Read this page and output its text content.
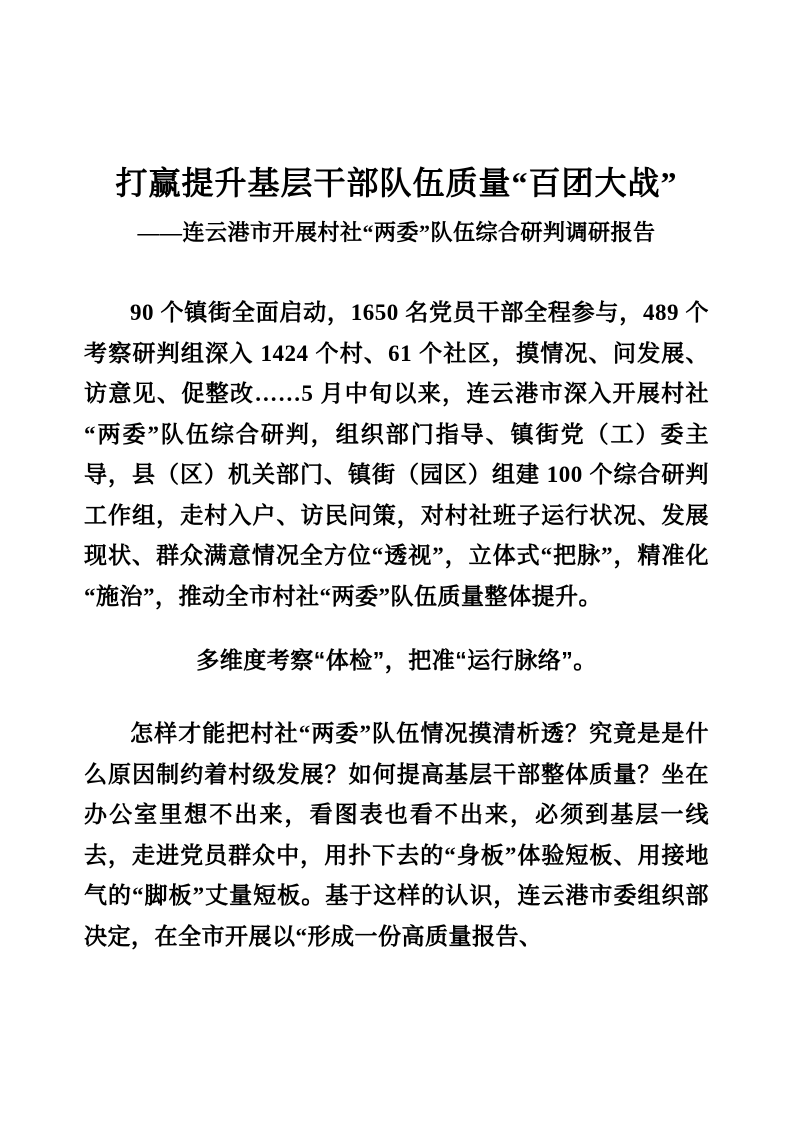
打赢提升基层干部队伍质量“百团大战”
——连云港市开展村社“两委”队伍综合研判调研报告

90 个镇街全面启动，1650 名党员干部全程参与，489 个考察研判组深入 1424 个村、61 个社区，摸情况、问发展、访意见、促整改……5 月中旬以来，连云港市深入开展村社“两委”队伍综合研判，组织部门指导、镇街党（工）委主导，县（区）机关部门、镇街（园区）组建 100 个综合研判工作组，走村入户、访民问策，对村社班子运行状况、发展现状、群众满意情况全方位“透视”，立体式“把脉”，精准化“施治”，推动全市村社“两委”队伍质量整体提升。

多维度考察“体检”，把准“运行脉络”。

怎样才能把村社“两委”队伍情况摸清析透？究竟是是什么原因制约着村级发展？如何提高基层干部整体质量？坐在办公室里想不出来，看图表也看不出来，必须到基层一线去，走进党员群众中，用扑下去的“身板”体验短板、用接地气的“脚板”丈量短板。基于这样的认识，连云港市委组织部决定，在全市开展以“形成一份高质量报告、
